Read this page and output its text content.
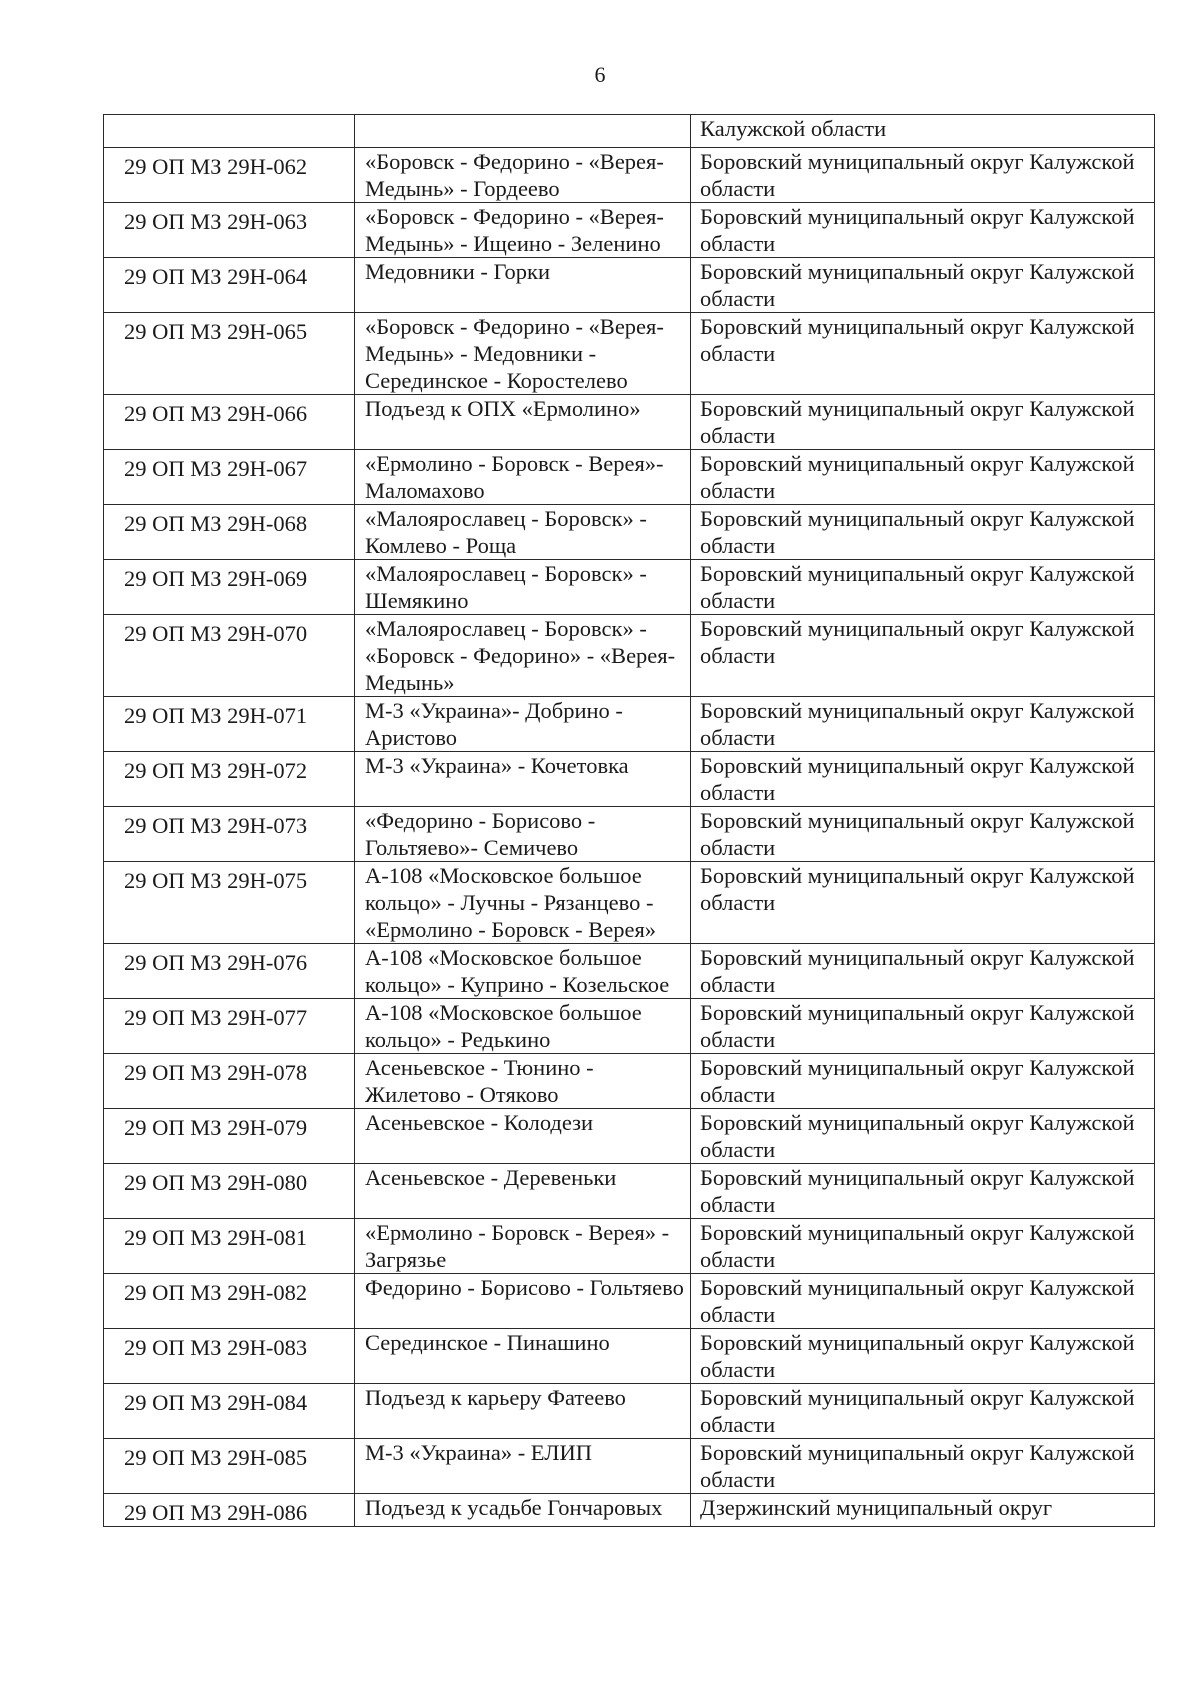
6
		Калужской области
29 ОП МЗ 29Н-062	«Боровск - Федорино - «Верея-Медынь» - Гордеево	Боровский муниципальный округ Калужской области
29 ОП МЗ 29Н-063	«Боровск - Федорино - «Верея-Медынь» - Ищеино - Зеленино	Боровский муниципальный округ Калужской области
29 ОП МЗ 29Н-064	Медовники - Горки	Боровский муниципальный округ Калужской области
29 ОП МЗ 29Н-065	«Боровск - Федорино - «Верея-Медынь» - Медовники - Серединское - Коростелево	Боровский муниципальный округ Калужской области
29 ОП МЗ 29Н-066	Подъезд к ОПХ «Ермолино»	Боровский муниципальный округ Калужской области
29 ОП МЗ 29Н-067	«Ермолино - Боровск - Верея»-Маломахово	Боровский муниципальный округ Калужской области
29 ОП МЗ 29Н-068	«Малоярославец - Боровск» - Комлево - Роща	Боровский муниципальный округ Калужской области
29 ОП МЗ 29Н-069	«Малоярославец - Боровск» - Шемякино	Боровский муниципальный округ Калужской области
29 ОП МЗ 29Н-070	«Малоярославец - Боровск» - «Боровск - Федорино» - «Верея-Медынь»	Боровский муниципальный округ Калужской области
29 ОП МЗ 29Н-071	М-3 «Украина»- Добрино - Аристово	Боровский муниципальный округ Калужской области
29 ОП МЗ 29Н-072	М-3 «Украина» - Кочетовка	Боровский муниципальный округ Калужской области
29 ОП МЗ 29Н-073	«Федорино - Борисово - Гольтяево»- Семичево	Боровский муниципальный округ Калужской области
29 ОП МЗ 29Н-075	А-108 «Московское большое кольцо» - Лучны - Рязанцево - «Ермолино - Боровск - Верея»	Боровский муниципальный округ Калужской области
29 ОП МЗ 29Н-076	А-108 «Московское большое кольцо» - Куприно - Козельское	Боровский муниципальный округ Калужской области
29 ОП МЗ 29Н-077	А-108 «Московское большое кольцо» - Редькино	Боровский муниципальный округ Калужской области
29 ОП МЗ 29Н-078	Асеньевское - Тюнино - Жилетово - Отяково	Боровский муниципальный округ Калужской области
29 ОП МЗ 29Н-079	Асеньевское - Колодези	Боровский муниципальный округ Калужской области
29 ОП МЗ 29Н-080	Асеньевское - Деревеньки	Боровский муниципальный округ Калужской области
29 ОП МЗ 29Н-081	«Ермолино - Боровск - Верея» - Загрязье	Боровский муниципальный округ Калужской области
29 ОП МЗ 29Н-082	Федорино - Борисово - Гольтяево	Боровский муниципальный округ Калужской области
29 ОП МЗ 29Н-083	Серединское - Пинашино	Боровский муниципальный округ Калужской области
29 ОП МЗ 29Н-084	Подъезд к карьеру Фатеево	Боровский муниципальный округ Калужской области
29 ОП МЗ 29Н-085	М-3 «Украина» - ЕЛИП	Боровский муниципальный округ Калужской области
29 ОП МЗ 29Н-086	Подъезд к усадьбе Гончаровых	Дзержинский муниципальный округ
